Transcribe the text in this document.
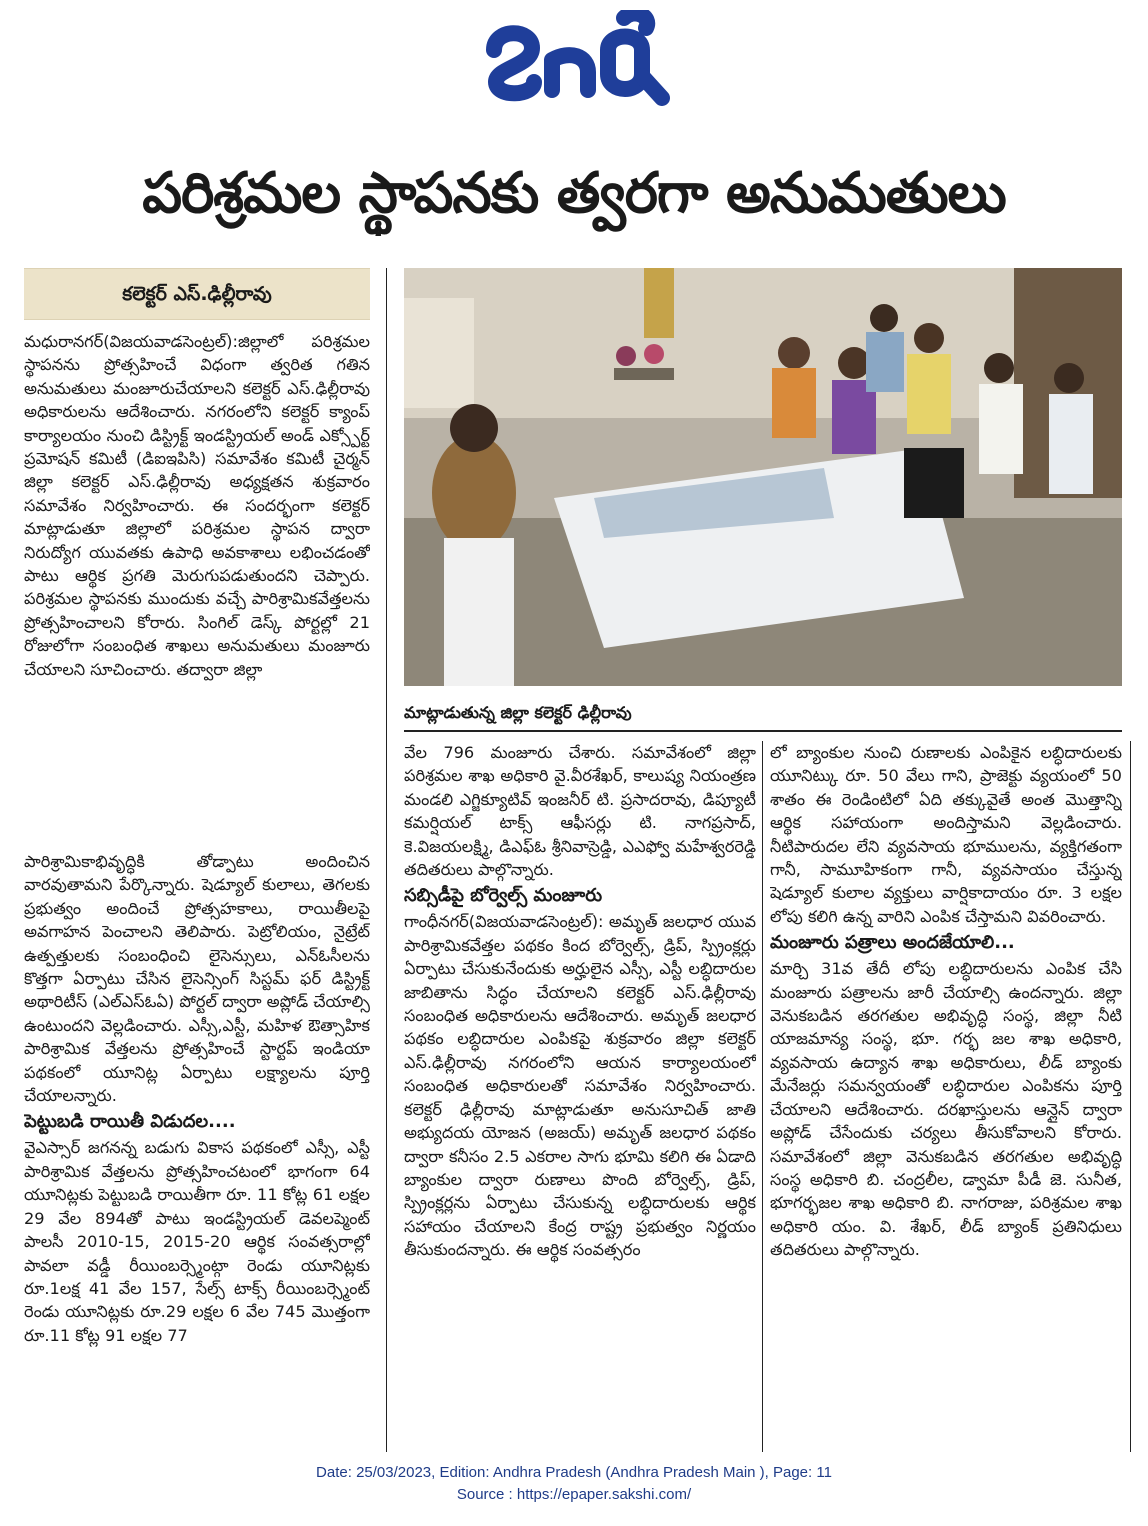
పరిశ్రమల స్థాపనకు త్వరగా అనుమతులు
కలెక్టర్ ఎస్.ఢిల్లీరావు

మధురానగర్(విజయవాడసెంట్రల్):జిల్లాలో పరిశ్రమల స్థాపనను ప్రోత్సహించే విధంగా త్వరిత గతిన అనుమతులు మంజూరుచేయాలని కలెక్టర్ ఎస్.ఢిల్లీరావు అధికారులను ఆదేశించారు. నగరంలోని కలెక్టర్ క్యాంప్ కార్యాలయం నుంచి డిస్ట్రిక్ట్ ఇండస్ట్రియల్ అండ్ ఎక్స్పోర్ట్ ప్రమోషన్ కమిటీ (డిఐఇపిసి) సమావేశం కమిటీ చైర్మన్ జిల్లా కలెక్టర్ ఎస్.ఢిల్లీరావు అధ్యక్షతన శుక్రవారం సమావేశం నిర్వహించారు. ఈ సందర్భంగా కలెక్టర్ మాట్లాడుతూ జిల్లాలో పరిశ్రమల స్థాపన ద్వారా నిరుద్యోగ యువతకు ఉపాధి అవకాశాలు లభించడంతో పాటు ఆర్థిక ప్రగతి మెరుగుపడుతుందని చెప్పారు. పరిశ్రమల స్థాపనకు ముందుకు వచ్చే పారిశ్రామికవేత్తలను ప్రోత్సహించాలని కోరారు. సింగిల్ డెస్క్ పోర్టల్లో 21 రోజులోగా సంబంధిత శాఖలు అనుమతులు మంజూరు చేయాలని సూచించారు. తద్వారా జిల్లా

పారిశ్రామికాభివృద్ధికి తోడ్పాటు అందించిన వారవుతామని పేర్కొన్నారు. షెడ్యూల్ కులాలు, తెగలకు ప్రభుత్వం అందించే ప్రోత్సహకాలు, రాయితీలపై అవగాహన పెంచాలని తెలిపారు. పెట్రోలియం, నైట్రేట్ ఉత్పత్తులకు సంబంధించి లైసెన్సులు, ఎన్ఓసీలను కొత్తగా ఏర్పాటు చేసిన లైసెన్సింగ్ సిస్టమ్ ఫర్ డిస్ట్రిక్ట్ అథారిటీస్ (ఎల్ఎస్ఓఏ) పోర్టల్ ద్వారా అప్లోడ్ చేయాల్సి ఉంటుందని వెల్లడించారు. ఎస్సీ,ఎస్టీ, మహిళ ఔత్సాహిక పారిశ్రామిక వేత్తలను ప్రోత్సహించే స్టార్టప్ ఇండియా పథకంలో యూనిట్ల ఏర్పాటు లక్ష్యాలను పూర్తి చేయాలన్నారు.

పెట్టుబడి రాయితీ విడుదల....

వైఎస్సార్ జగనన్న బడుగు వికాస పథకంలో ఎస్సీ, ఎస్టీ పారిశ్రామిక వేత్తలను ప్రోత్సహించటంలో భాగంగా 64 యూనిట్లకు పెట్టుబడి రాయితీగా రూ. 11 కోట్ల 61 లక్షల 29 వేల 894తో పాటు ఇండస్ట్రియల్ డెవలప్మెంట్ పాలసీ 2010-15, 2015-20 ఆర్థిక సంవత్సరాల్లో పావలా వడ్డీ రీయింబర్స్మెంట్గా రెండు యూనిట్లకు రూ.1లక్ష 41 వేల 157, సేల్స్ టాక్స్ రీయింబర్స్మెంట్ రెండు యూనిట్లకు రూ.29 లక్షల 6 వేల 745 మొత్తంగా రూ.11 కోట్ల 91 లక్షల 77

మాట్లాడుతున్న జిల్లా కలెక్టర్ ఢిల్లీరావు

వేల 796 మంజూరు చేశారు. సమావేశంలో జిల్లా పరిశ్రమల శాఖ అధికారి వై.వీరశేఖర్, కాలుష్య నియంత్రణ మండలి ఎగ్జిక్యూటివ్ ఇంజనీర్ టి. ప్రసాదరావు, డిప్యూటీ కమర్షియల్ టాక్స్ ఆఫీసర్లు టి. నాగప్రసాద్, కె.విజయలక్ష్మి, డిఎఫ్ఓ శ్రీనివాస్రెడ్డి, ఎఎఫ్వో మహేశ్వరరెడ్డి తదితరులు పాల్గొన్నారు.

సబ్సిడీపై బోర్వెల్స్ మంజూరు

గాంధీనగర్(విజయవాడసెంట్రల్): అమృత్ జలధార యువ పారిశ్రామికవేత్తల పథకం కింద బోర్వెల్స్, డ్రిప్, స్ప్రింక్లర్లు ఏర్పాటు చేసుకునేందుకు అర్హులైన ఎస్సీ, ఎస్టీ లబ్ధిదారుల జాబితాను సిద్ధం చేయాలని కలెక్టర్ ఎస్.ఢిల్లీరావు సంబంధిత అధికారులను ఆదేశించారు. అమృత్ జలధార పథకం లబ్ధిదారుల ఎంపికపై శుక్రవారం జిల్లా కలెక్టర్ ఎస్.ఢిల్లీరావు నగరంలోని ఆయన కార్యాలయంలో సంబంధిత అధికారులతో సమావేశం నిర్వహించారు. కలెక్టర్ ఢిల్లీరావు మాట్లాడుతూ అనుసూచిత్ జాతి అభ్యుదయ యోజన (అజయ్) అమృత్ జలధార పథకం ద్వారా కనీసం 2.5 ఎకరాల సాగు భూమి కలిగి ఈ ఏడాది బ్యాంకుల ద్వారా రుణాలు పొంది బోర్వెల్స్, డ్రిప్, స్ప్రింక్లర్లను ఏర్పాటు చేసుకున్న లబ్ధిదారులకు ఆర్థిక సహాయం చేయాలని కేంద్ర రాష్ట్ర ప్రభుత్వం నిర్ణయం తీసుకుందన్నారు. ఈ ఆర్థిక సంవత్సరం

లో బ్యాంకుల నుంచి రుణాలకు ఎంపికైన లబ్ధిదారులకు యూనిట్కు రూ. 50 వేలు గాని, ప్రాజెక్టు వ్యయంలో 50 శాతం ఈ రెండింటిలో ఏది తక్కువైతే అంత మొత్తాన్ని ఆర్థిక సహాయంగా అందిస్తామని వెల్లడించారు. నీటిపారుదల లేని వ్యవసాయ భూములను, వ్యక్తిగతంగా గానీ, సామూహికంగా గానీ, వ్యవసాయం చేస్తున్న షెడ్యూల్ కులాల వ్యక్తులు వార్షికాదాయం రూ. 3 లక్షల లోపు కలిగి ఉన్న వారిని ఎంపిక చేస్తామని వివరించారు.

మంజూరు పత్రాలు అందజేయాలి...

మార్చి 31వ తేదీ లోపు లబ్ధిదారులను ఎంపిక చేసి మంజూరు పత్రాలను జారీ చేయాల్సి ఉందన్నారు. జిల్లా వెనుకబడిన తరగతుల అభివృద్ధి సంస్థ, జిల్లా నీటి యాజమాన్య సంస్థ, భూ. గర్భ జల శాఖ అధికారి, వ్యవసాయ ఉద్యాన శాఖ అధికారులు, లీడ్ బ్యాంకు మేనేజర్లు సమన్వయంతో లబ్ధిదారుల ఎంపికను పూర్తి చేయాలని ఆదేశించారు. దరఖాస్తులను ఆన్లైన్ ద్వారా అప్లోడ్ చేసేందుకు చర్యలు తీసుకోవాలని కోరారు. సమావేశంలో జిల్లా వెనుకబడిన తరగతుల అభివృద్ధి సంస్థ అధికారి బి. చంద్రలీల, డ్వామా పీడీ జె. సునీత, భూగర్భజల శాఖ అధికారి బి. నాగరాజు, పరిశ్రమల శాఖ అధికారి యం. వి. శేఖర్, లీడ్ బ్యాంక్ ప్రతినిధులు తదితరులు పాల్గొన్నారు.

Date: 25/03/2023, Edition: Andhra Pradesh (Andhra Pradesh Main ), Page: 11
Source : https://epaper.sakshi.com/
